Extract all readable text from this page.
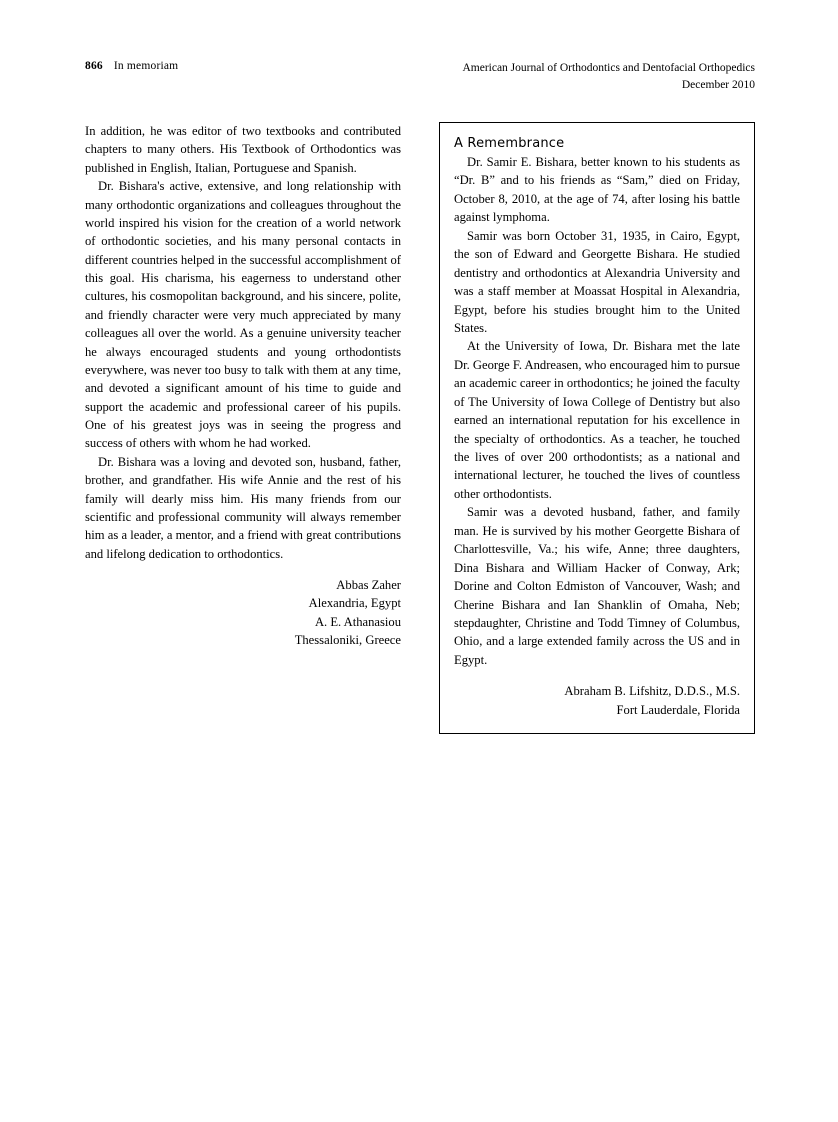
866 In memoriam	American Journal of Orthodontics and Dentofacial Orthopedics
December 2010

In addition, he was editor of two textbooks and contributed chapters to many others. His Textbook of Orthodontics was published in English, Italian, Portuguese and Spanish.

Dr. Bishara's active, extensive, and long relationship with many orthodontic organizations and colleagues throughout the world inspired his vision for the creation of a world network of orthodontic societies, and his many personal contacts in different countries helped in the successful accomplishment of this goal. His charisma, his eagerness to understand other cultures, his cosmopolitan background, and his sincere, polite, and friendly character were very much appreciated by many colleagues all over the world. As a genuine university teacher he always encouraged students and young orthodontists everywhere, was never too busy to talk with them at any time, and devoted a significant amount of his time to guide and support the academic and professional career of his pupils. One of his greatest joys was in seeing the progress and success of others with whom he had worked.

Dr. Bishara was a loving and devoted son, husband, father, brother, and grandfather. His wife Annie and the rest of his family will dearly miss him. His many friends from our scientific and professional community will always remember him as a leader, a mentor, and a friend with great contributions and lifelong dedication to orthodontics.

Abbas Zaher
Alexandria, Egypt
A. E. Athanasiou
Thessaloniki, Greece
A Remembrance

Dr. Samir E. Bishara, better known to his students as “Dr. B” and to his friends as “Sam,” died on Friday, October 8, 2010, at the age of 74, after losing his battle against lymphoma.

Samir was born October 31, 1935, in Cairo, Egypt, the son of Edward and Georgette Bishara. He studied dentistry and orthodontics at Alexandria University and was a staff member at Moassat Hospital in Alexandria, Egypt, before his studies brought him to the United States.

At the University of Iowa, Dr. Bishara met the late Dr. George F. Andreasen, who encouraged him to pursue an academic career in orthodontics; he joined the faculty of The University of Iowa College of Dentistry but also earned an international reputation for his excellence in the specialty of orthodontics. As a teacher, he touched the lives of over 200 orthodontists; as a national and international lecturer, he touched the lives of countless other orthodontists.

Samir was a devoted husband, father, and family man. He is survived by his mother Georgette Bishara of Charlottesville, Va.; his wife, Anne; three daughters, Dina Bishara and William Hacker of Conway, Ark; Dorine and Colton Edmiston of Vancouver, Wash; and Cherine Bishara and Ian Shanklin of Omaha, Neb; stepdaughter, Christine and Todd Timney of Columbus, Ohio, and a large extended family across the US and in Egypt.

Abraham B. Lifshitz, D.D.S., M.S.
Fort Lauderdale, Florida
